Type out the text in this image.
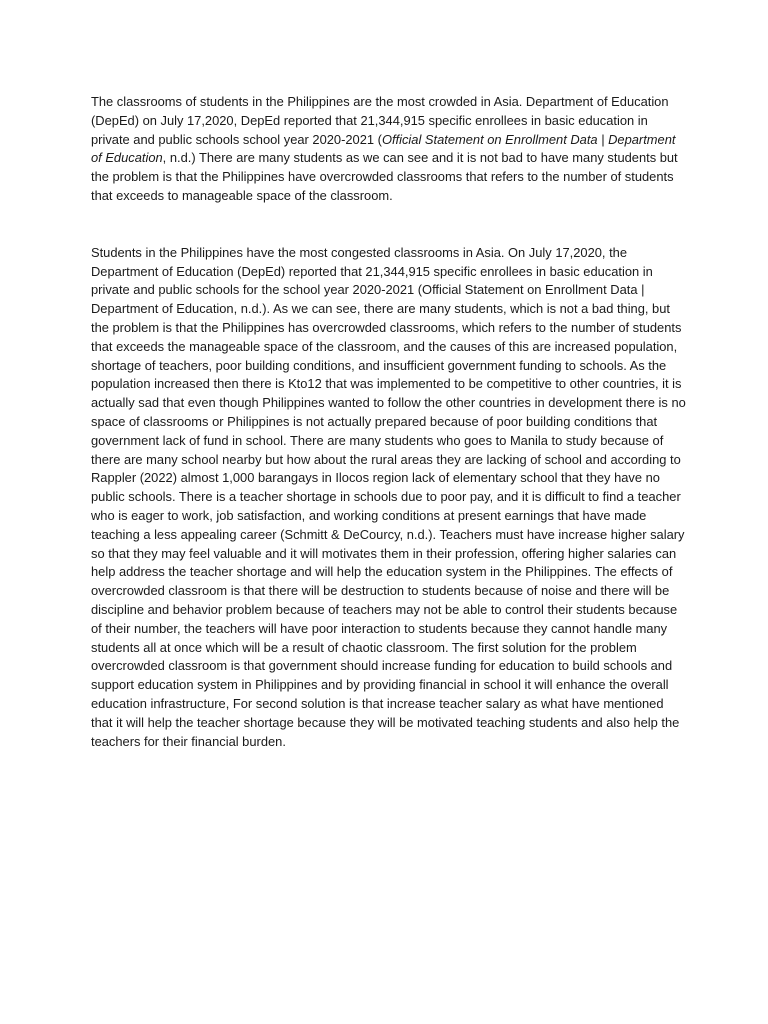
The classrooms of students in the Philippines are the most crowded in Asia. Department of Education (DepEd) on July 17,2020, DepEd reported that 21,344,915 specific enrollees in basic education in private and public schools school year 2020-2021 (Official Statement on Enrollment Data | Department of Education, n.d.) There are many students as we can see and it is not bad to have many students but the problem is that the Philippines have overcrowded classrooms that refers to the number of students that exceeds to manageable space of the classroom.

Students in the Philippines have the most congested classrooms in Asia. On July 17,2020, the Department of Education (DepEd) reported that 21,344,915 specific enrollees in basic education in private and public schools for the school year 2020-2021 (Official Statement on Enrollment Data | Department of Education, n.d.). As we can see, there are many students, which is not a bad thing, but the problem is that the Philippines has overcrowded classrooms, which refers to the number of students that exceeds the manageable space of the classroom, and the causes of this are increased population, shortage of teachers, poor building conditions, and insufficient government funding to schools. As the population increased then there is Kto12 that was implemented to be competitive to other countries, it is actually sad that even though Philippines wanted to follow the other countries in development there is no space of classrooms or Philippines is not actually prepared because of poor building conditions that government lack of fund in school. There are many students who goes to Manila to study because of there are many school nearby but how about the rural areas they are lacking of school and according to Rappler (2022) almost 1,000 barangays in Ilocos region lack of elementary school that they have no public schools. There is a teacher shortage in schools due to poor pay, and it is difficult to find a teacher who is eager to work, job satisfaction, and working conditions at present earnings that have made teaching a less appealing career (Schmitt & DeCourcy, n.d.). Teachers must have increase higher salary so that they may feel valuable and it will motivates them in their profession, offering higher salaries can help address the teacher shortage and will help the education system in the Philippines. The effects of overcrowded classroom is that there will be destruction to students because of noise and there will be discipline and behavior problem because of teachers may not be able to control their students because of their number, the teachers will have poor interaction to students because they cannot handle many students all at once which will be a result of chaotic classroom. The first solution for the problem overcrowded classroom is that government should increase funding for education to build schools and support education system in Philippines and by providing financial in school it will enhance the overall education infrastructure, For second solution is that increase teacher salary as what have mentioned that it will help the teacher shortage because they will be motivated teaching students and also help the teachers for their financial burden.
